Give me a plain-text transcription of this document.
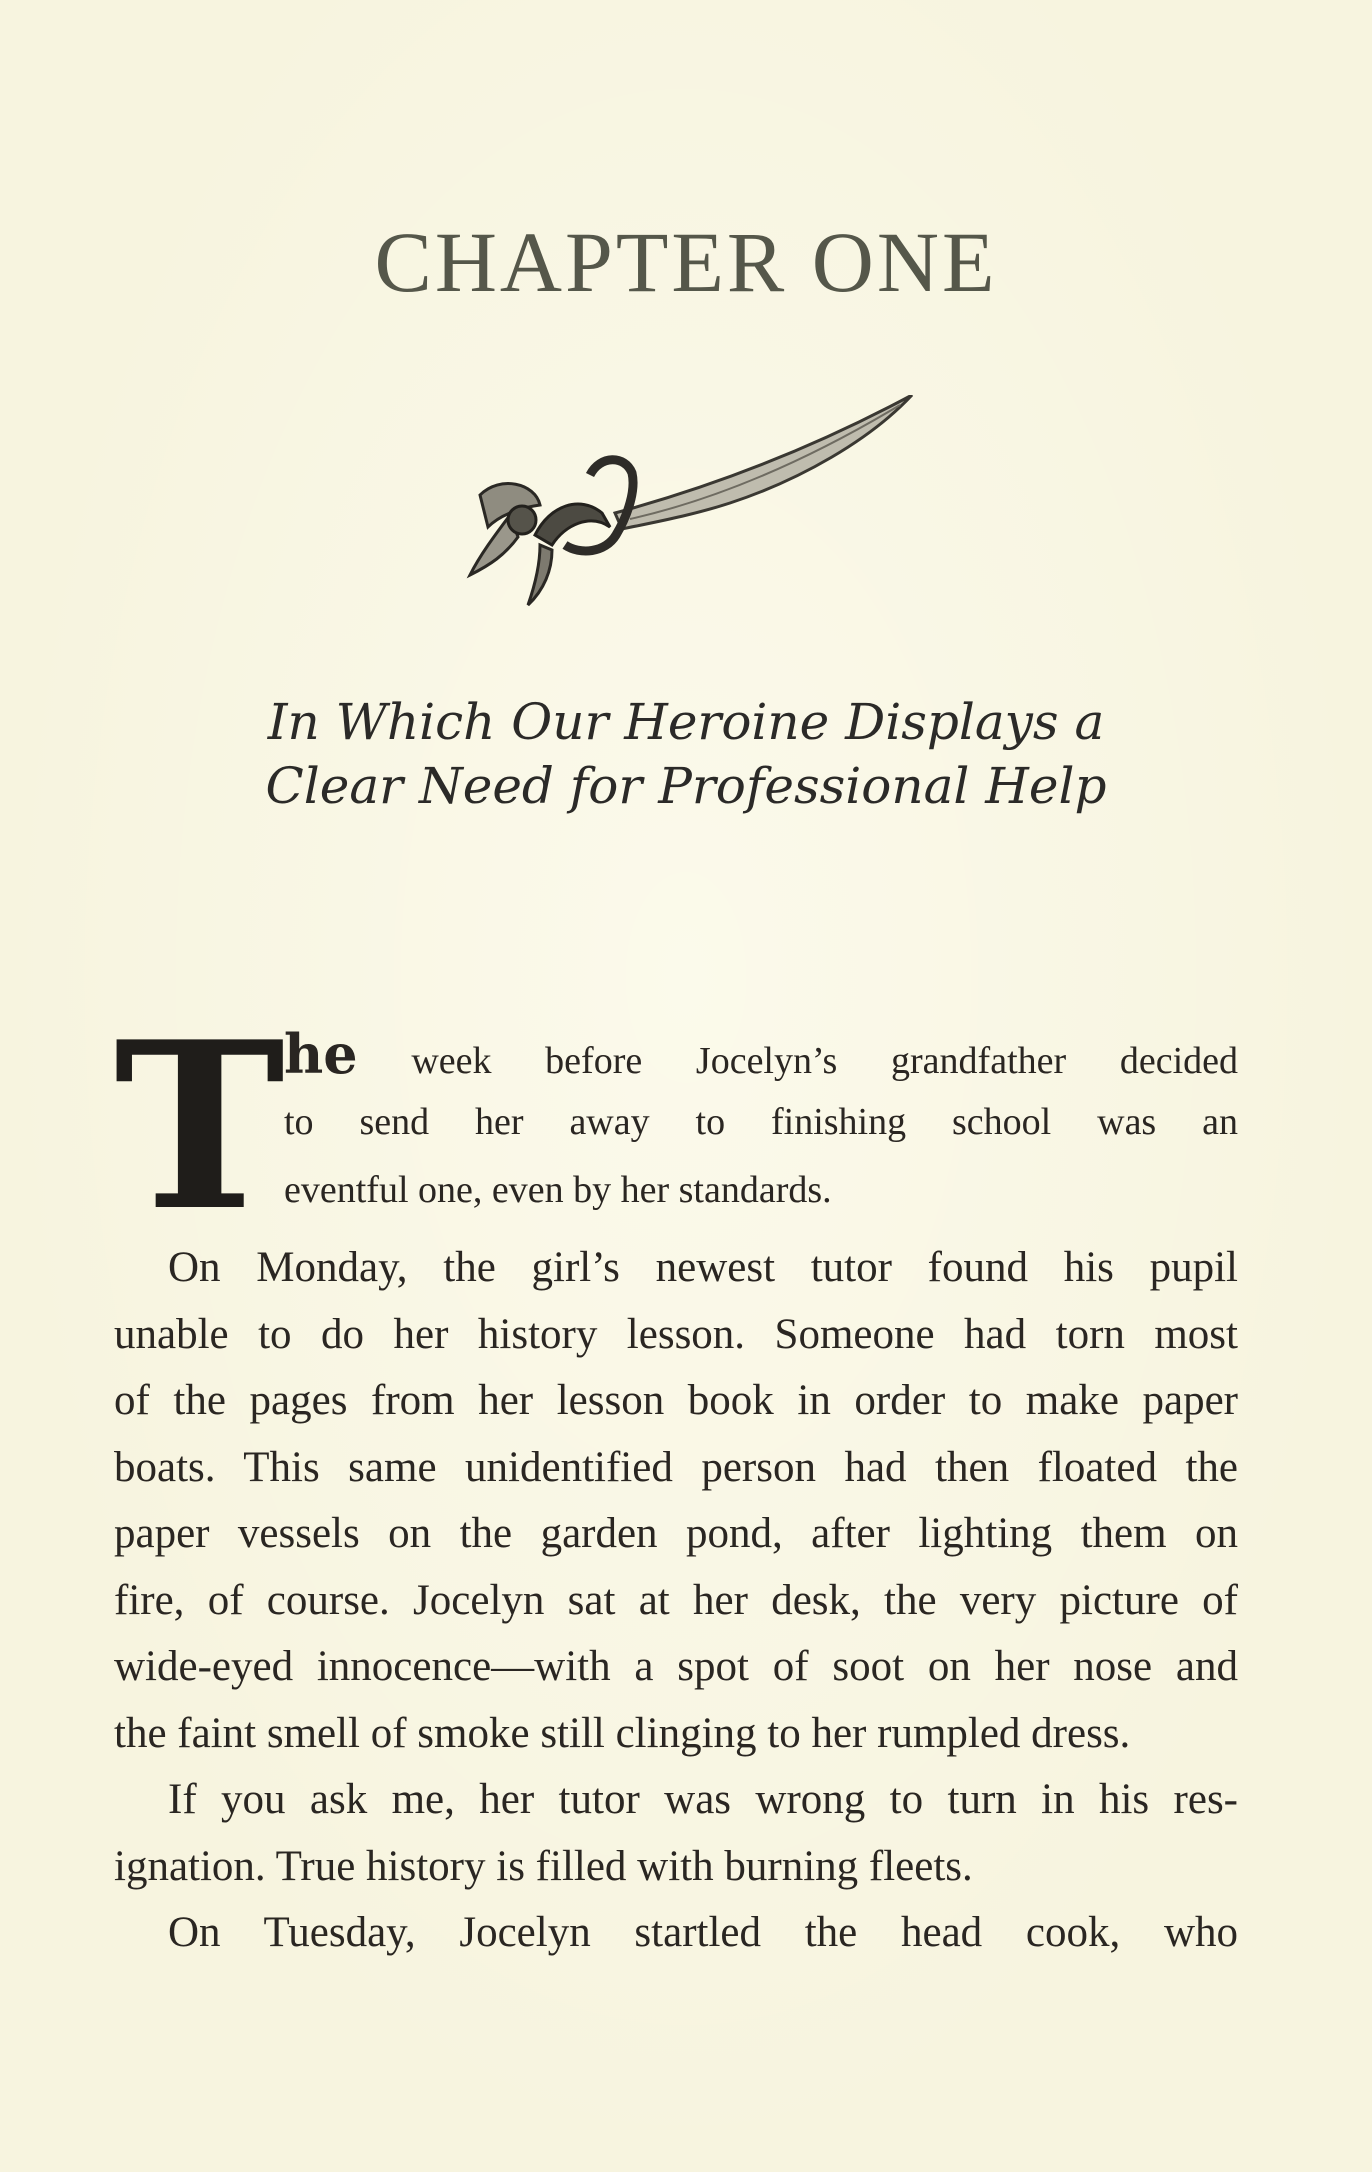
CHAPTER ONE
In Which Our Heroine Displays a
Clear Need for Professional Help
T
he week before Jocelyn’s grandfather decided
to send her away to finishing school was an
eventful one, even by her standards.
On Monday, the girl’s newest tutor found his pupil
unable to do her history lesson. Someone had torn most
of the pages from her lesson book in order to make paper
boats. This same unidentified person had then floated the
paper vessels on the garden pond, after lighting them on
fire, of course. Jocelyn sat at her desk, the very picture of
wide-eyed innocence—with a spot of soot on her nose and
the faint smell of smoke still clinging to her rumpled dress.
If you ask me, her tutor was wrong to turn in his res-
ignation. True history is filled with burning fleets.
On Tuesday, Jocelyn startled the head cook, who
